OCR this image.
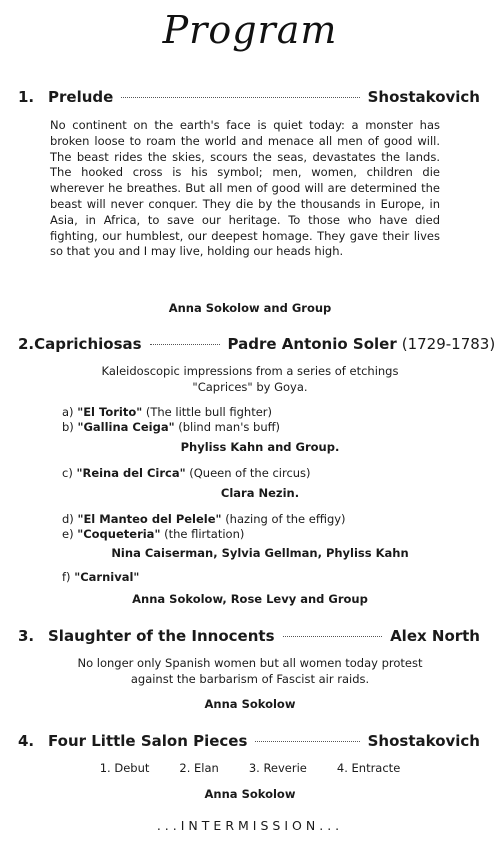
Program
1. Prelude	Shostakovich
No continent on the earth's face is quiet today: a monster has broken loose to roam the world and menace all men of good will. The beast rides the skies, scours the seas, devastates the lands. The hooked cross is his symbol; men, women, children die wherever he breathes. But all men of good will are determined the beast will never conquer. They die by the thousands in Europe, in Asia, in Africa, to save our heritage. To those who have died fighting, our humblest, our deepest homage. They gave their lives so that you and I may live, holding our heads high.
Anna Sokolow and Group
2. Caprichiosas	Padre Antonio Soler (1729-1783)
Kaleidoscopic impressions from a series of etchings "Caprices" by Goya.
a) "El Torito" (The little bull fighter)
b) "Gallina Ceiga" (blind man's buff)
Phyliss Kahn and Group.
c) "Reina del Circa" (Queen of the circus)
Clara Nezin.
d) "El Manteo del Pelele" (hazing of the effigy)
e) "Coqueteria" (the flirtation)
Nina Caiserman, Sylvia Gellman, Phyliss Kahn
f) "Carnival"
Anna Sokolow, Rose Levy and Group
3. Slaughter of the Innocents	Alex North
No longer only Spanish women but all women today protest against the barbarism of Fascist air raids.
Anna Sokolow
4. Four Little Salon Pieces	Shostakovich
1. Debut	2. Elan	3. Reverie	4. Entracte
Anna Sokolow
...INTERMISSION...
